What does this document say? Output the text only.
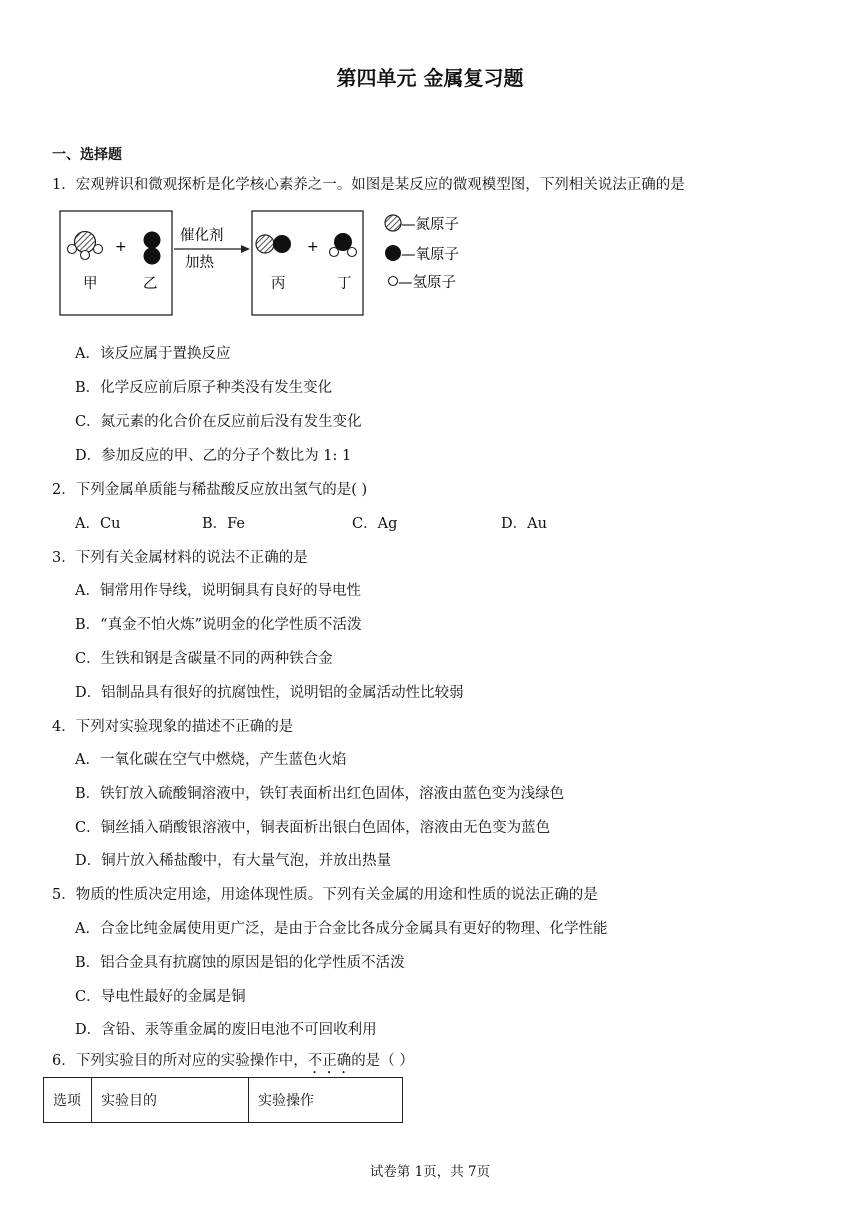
第四单元 金属复习题
一、选择题
1．宏观辨识和微观探析是化学核心素养之一。如图是某反应的微观模型图，下列相关说法正确的是
+
甲	乙
催化剂
加热
+
丙	丁
—氮原子
—氧原子
—氢原子
A．该反应属于置换反应
B．化学反应前后原子种类没有发生变化
C．氮元素的化合价在反应前后没有发生变化
D．参加反应的甲、乙的分子个数比为 1: 1
2．下列金属单质能与稀盐酸反应放出氢气的是( )
A．Cu	B．Fe	C．Ag	D．Au
3．下列有关金属材料的说法不正确的是
A．铜常用作导线，说明铜具有良好的导电性
B．“真金不怕火炼”说明金的化学性质不活泼
C．生铁和钢是含碳量不同的两种铁合金
D．铝制品具有很好的抗腐蚀性，说明铝的金属活动性比较弱
4．下列对实验现象的描述不正确的是
A．一氧化碳在空气中燃烧，产生蓝色火焰
B．铁钉放入硫酸铜溶液中，铁钉表面析出红色固体，溶液由蓝色变为浅绿色
C．铜丝插入硝酸银溶液中，铜表面析出银白色固体，溶液由无色变为蓝色
D．铜片放入稀盐酸中，有大量气泡，并放出热量
5．物质的性质决定用途，用途体现性质。下列有关金属的用途和性质的说法正确的是
A．合金比纯金属使用更广泛，是由于合金比各成分金属具有更好的物理、化学性能
B．铝合金具有抗腐蚀的原因是铝的化学性质不活泼
C．导电性最好的金属是铜
D．含铅、汞等重金属的废旧电池不可回收利用
6．下列实验目的所对应的实验操作中，不正确的是（ ）
选项	实验目的	实验操作
试卷第 1页，共 7页
